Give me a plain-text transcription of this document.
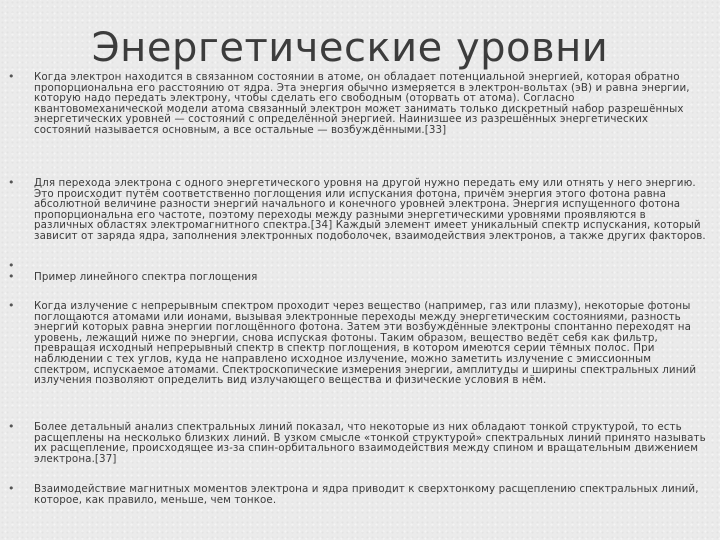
Энергетические уровни
• Когда электрон находится в связанном состоянии в атоме, он обладает потенциальной энергией, которая обратно пропорциональна его расстоянию от ядра. Эта энергия обычно измеряется в электрон-вольтах (эВ) и равна энергии, которую надо передать электрону, чтобы сделать его свободным (оторвать от атома). Согласно квантовомеханической модели атома связанный электрон может занимать только дискретный набор разрешённых энергетических уровней — состояний с определённой энергией. Наинизшее из разрешённых энергетических состояний называется основным, а все остальные — возбуждёнными.[33]

• Для перехода электрона с одного энергетического уровня на другой нужно передать ему или отнять у него энергию. Это происходит путём соответственно поглощения или испускания фотона, причём энергия этого фотона равна абсолютной величине разности энергий начального и конечного уровней электрона. Энергия испущенного фотона пропорциональна его частоте, поэтому переходы между разными энергетическими уровнями проявляются в различных областях электромагнитного спектра.[34] Каждый элемент имеет уникальный спектр испускания, который зависит от заряда ядра, заполнения электронных подоболочек, взаимодействия электронов, а также других факторов.

•
• Пример линейного спектра поглощения

• Когда излучение с непрерывным спектром проходит через вещество (например, газ или плазму), некоторые фотоны поглощаются атомами или ионами, вызывая электронные переходы между энергетическим состояниями, разность энергий которых равна энергии поглощённого фотона. Затем эти возбуждённые электроны спонтанно переходят на уровень, лежащий ниже по энергии, снова испуская фотоны. Таким образом, вещество ведёт себя как фильтр, превращая исходный непрерывный спектр в спектр поглощения, в котором имеются серии тёмных полос. При наблюдении с тех углов, куда не направлено исходное излучение, можно заметить излучение с эмиссионным спектром, испускаемое атомами. Спектроскопические измерения энергии, амплитуды и ширины спектральных линий излучения позволяют определить вид излучающего вещества и физические условия в нём.

• Более детальный анализ спектральных линий показал, что некоторые из них обладают тонкой структурой, то есть расщеплены на несколько близких линий. В узком смысле «тонкой структурой» спектральных линий принято называть их расщепление, происходящее из-за спин-орбитального взаимодействия между спином и вращательным движением электрона.[37]

• Взаимодействие магнитных моментов электрона и ядра приводит к сверхтонкому расщеплению спектральных линий, которое, как правило, меньше, чем тонкое.
